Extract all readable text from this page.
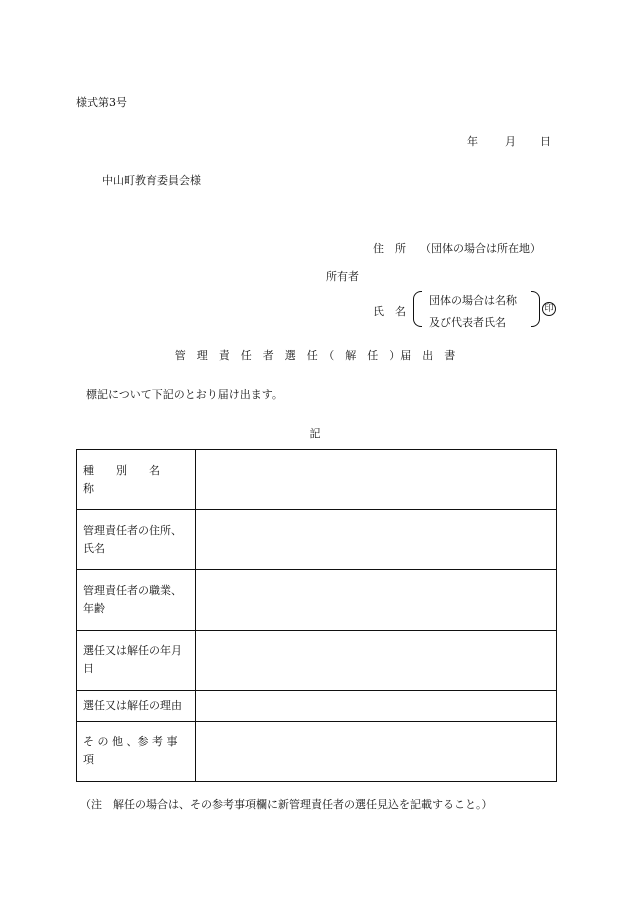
様式第3号
年 月 日
中山町教育委員会様
住　所 （団体の場合は所在地）
所有者
氏　名
団体の場合は名称
及び代表者氏名
印
管　理　責　任　者　選　任　（　解　任　）届　出　書
標記について下記のとおり届け出ます。
記
種　　別　　名　　称	
管理責任者の住所、氏名	
管理責任者の職業、年齢	
選任又は解任の年月日	
選任又は解任の理由	
そ の 他 、参 考 事 項	
（注　解任の場合は、その参考事項欄に新管理責任者の選任見込を記載すること。）
